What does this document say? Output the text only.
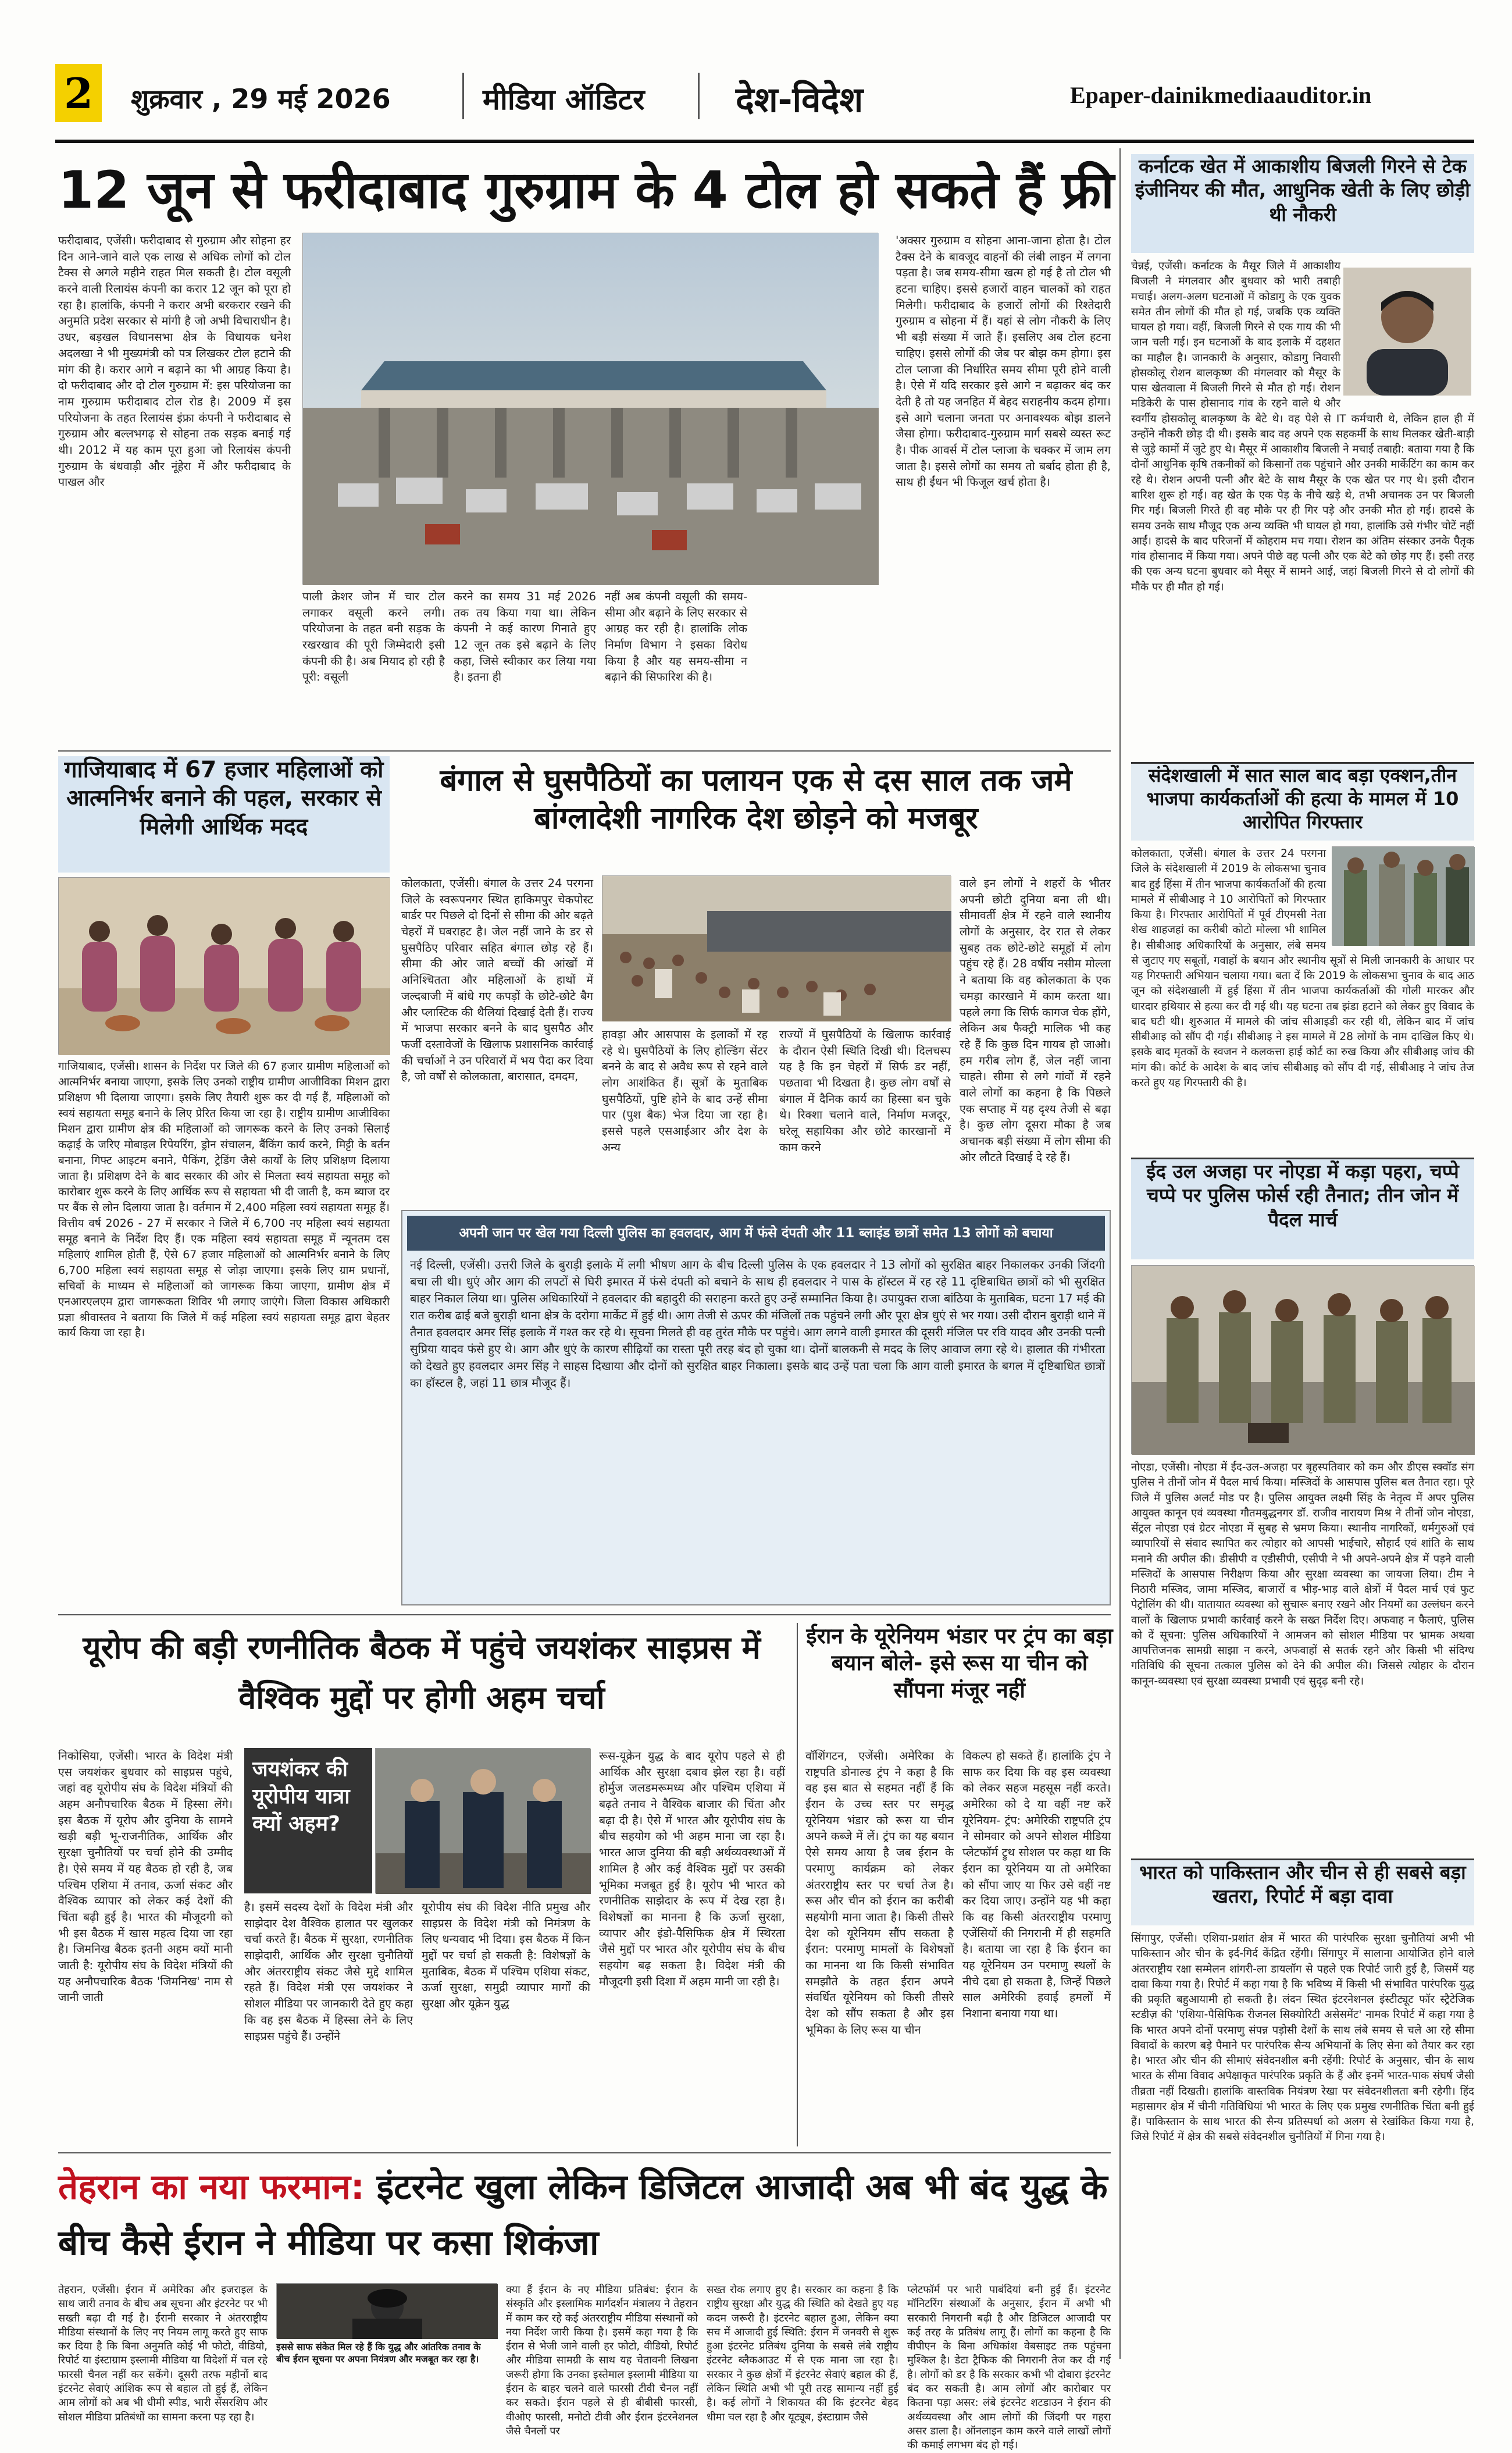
2	शुक्रवार , 29 मई 2026	मीडिया ऑडिटर	देश-विदेश	Epaper-dainikmediaauditor.in
12 जून से फरीदाबाद गुरुग्राम के 4 टोल हो सकते हैं फ्री
फरीदाबाद, एजेंसी। फरीदाबाद से गुरुग्राम और सोहना हर दिन आने-जाने वाले एक लाख से अधिक लोगों को टोल टैक्स से अगले महीने राहत मिल सकती है। टोल वसूली करने वाली रिलायंस कंपनी का करार 12 जून को पूरा हो रहा है। हालांकि, कंपनी ने करार अभी बरकरार रखने की अनुमति प्रदेश सरकार से मांगी है जो अभी विचाराधीन है। उधर, बड़खल विधानसभा क्षेत्र के विधायक धनेश अदलखा ने भी मुख्यमंत्री को पत्र लिखकर टोल हटाने की मांग की है। करार आगे न बढ़ाने का भी आग्रह किया है। दो फरीदाबाद और दो टोल गुरुग्राम में: इस परियोजना का नाम गुरुग्राम फरीदाबाद टोल रोड है। 2009 में इस परियोजना के तहत रिलायंस इंफ्रा कंपनी ने फरीदाबाद से गुरुग्राम और बल्लभगढ़ से सोहना तक सड़क बनाई गई थी। 2012 में यह काम पूरा हुआ जो रिलायंस कंपनी गुरुग्राम के बंधवाड़ी और नूंहेरा में और फरीदाबाद के पाखल और
पाली क्रेशर जोन में चार टोल लगाकर वसूली करने लगी। परियोजना के तहत बनी सड़क के रखरखाव की पूरी जिम्मेदारी इसी कंपनी की है। अब मियाद हो रही है पूरी: वसूली
करने का समय 31 मई 2026 तक तय किया गया था। लेकिन कंपनी ने कई कारण गिनाते हुए 12 जून तक इसे बढ़ाने के लिए कहा, जिसे स्वीकार कर लिया गया है। इतना ही
नहीं अब कंपनी वसूली की समय-सीमा और बढ़ाने के लिए सरकार से आग्रह कर रही है। हालांकि लोक निर्माण विभाग ने इसका विरोध किया है और यह समय-सीमा न बढ़ाने की सिफारिश की है।
'अक्सर गुरुग्राम व सोहना आना-जाना होता है। टोल टैक्स देने के बावजूद वाहनों की लंबी लाइन में लगना पड़ता है। जब समय-सीमा खत्म हो गई है तो टोल भी हटना चाहिए। इससे हजारों वाहन चालकों को राहत मिलेगी। फरीदाबाद के हजारों लोगों की रिश्तेदारी गुरुग्राम व सोहना में हैं। यहां से लोग नौकरी के लिए भी बड़ी संख्या में जाते हैं। इसलिए अब टोल हटना चाहिए। इससे लोगों की जेब पर बोझ कम होगा। इस टोल प्लाजा की निर्धारित समय सीमा पूरी होने वाली है। ऐसे में यदि सरकार इसे आगे न बढ़ाकर बंद कर देती है तो यह जनहित में बेहद सराहनीय कदम होगा। इसे आगे चलाना जनता पर अनावश्यक बोझ डालने जैसा होगा। फरीदाबाद-गुरुग्राम मार्ग सबसे व्यस्त रूट है। पीक आवर्स में टोल प्लाजा के चक्कर में जाम लग जाता है। इससे लोगों का समय तो बर्बाद होता ही है, साथ ही ईंधन भी फिजूल खर्च होता है।
कर्नाटक खेत में आकाशीय बिजली गिरने से टेक इंजीनियर की मौत, आधुनिक खेती के लिए छोड़ी थी नौकरी
चेन्नई, एजेंसी। कर्नाटक के मैसूर जिले में आकाशीय बिजली ने मंगलवार और बुधवार को भारी तबाही मचाई। अलग-अलग घटनाओं में कोडागु के एक युवक समेत तीन लोगों की मौत हो गई, जबकि एक व्यक्ति घायल हो गया। वहीं, बिजली गिरने से एक गाय की भी जान चली गई। इन घटनाओं के बाद इलाके में दहशत का माहौल है। जानकारी के अनुसार, कोडागु निवासी होसकोलू रोशन बालकृष्ण की मंगलवार को मैसूर के पास खेतवाला में बिजली गिरने से मौत हो गई। रोशन मडिकेरी के पास होसानाद गांव के रहने वाले थे और स्वर्गीय होसकोलू बालकृष्ण के बेटे थे। वह पेशे से IT कर्मचारी थे, लेकिन हाल ही में उन्होंने नौकरी छोड़ दी थी। इसके बाद वह अपने एक सहकर्मी के साथ मिलकर खेती-बाड़ी से जुड़े कामों में जुटे हुए थे। मैसूर में आकाशीय बिजली ने मचाई तबाही: बताया गया है कि दोनों आधुनिक कृषि तकनीकों को किसानों तक पहुंचाने और उनकी मार्केटिंग का काम कर रहे थे। रोशन अपनी पत्नी और बेटे के साथ मैसूर के एक खेत पर गए थे। इसी दौरान बारिश शुरू हो गई। वह खेत के एक पेड़ के नीचे खड़े थे, तभी अचानक उन पर बिजली गिर गई। बिजली गिरते ही वह मौके पर ही गिर पड़े और उनकी मौत हो गई। हादसे के समय उनके साथ मौजूद एक अन्य व्यक्ति भी घायल हो गया, हालांकि उसे गंभीर चोटें नहीं आईं। हादसे के बाद परिजनों में कोहराम मच गया। रोशन का अंतिम संस्कार उनके पैतृक गांव होसानाद में किया गया। अपने पीछे वह पत्नी और एक बेटे को छोड़ गए हैं। इसी तरह की एक अन्य घटना बुधवार को मैसूर में सामने आई, जहां बिजली गिरने से दो लोगों की मौके पर ही मौत हो गई।
संदेशखाली में सात साल बाद बड़ा एक्शन,तीन भाजपा कार्यकर्ताओं की हत्या के मामल में 10 आरोपित गिरफ्तार
कोलकाता, एजेंसी। बंगाल के उत्तर 24 परगना जिले के संदेशखाली में 2019 के लोकसभा चुनाव बाद हुई हिंसा में तीन भाजपा कार्यकर्ताओं की हत्या मामले में सीबीआइ ने 10 आरोपितों को गिरफ्तार किया है। गिरफ्तार आरोपितों में पूर्व टीएमसी नेता शेख शाहजहां का करीबी कोटो मोल्ला भी शामिल है। सीबीआइ अधिकारियों के अनुसार, लंबे समय से जुटाए गए सबूतों, गवाहों के बयान और स्थानीय सूत्रों से मिली जानकारी के आधार पर यह गिरफ्तारी अभियान चलाया गया। बता दें कि 2019 के लोकसभा चुनाव के बाद आठ जून को संदेशखाली में हुई हिंसा में तीन भाजपा कार्यकर्ताओं की गोली मारकर और धारदार हथियार से हत्या कर दी गई थी। यह घटना तब झंडा हटाने को लेकर हुए विवाद के बाद घटी थी। शुरुआत में मामले की जांच सीआइडी कर रही थी, लेकिन बाद में जांच सीबीआइ को सौंप दी गई। सीबीआइ ने इस मामले में 28 लोगों के नाम दाखिल किए थे। इसके बाद मृतकों के स्वजन ने कलकत्ता हाई कोर्ट का रुख किया और सीबीआइ जांच की मांग की। कोर्ट के आदेश के बाद जांच सीबीआइ को सौंप दी गई, सीबीआइ ने जांच तेज करते हुए यह गिरफ्तारी की है।
ईद उल अजहा पर नोएडा में कड़ा पहरा, चप्पे चप्पे पर पुलिस फोर्स रही तैनात; तीन जोन में पैदल मार्च
नोएडा, एजेंसी। नोएडा में ईद-उल-अजहा पर बृहस्पतिवार को कम और डीएस स्क्वॉड संग पुलिस ने तीनों जोन में पैदल मार्च किया। मस्जिदों के आसपास पुलिस बल तैनात रहा। पूरे जिले में पुलिस अलर्ट मोड पर है। पुलिस आयुक्त लक्ष्मी सिंह के नेतृत्व में अपर पुलिस आयुक्त कानून एवं व्यवस्था गौतमबुद्धनगर डॉ. राजीव नारायण मिश्र ने तीनों जोन नोएडा, सेंट्रल नोएडा एवं ग्रेटर नोएडा में सुबह से भ्रमण किया। स्थानीय नागरिकों, धर्मगुरुओं एवं व्यापारियों से संवाद स्थापित कर त्योहार को आपसी भाईचारे, सौहार्द एवं शांति के साथ मनाने की अपील की। डीसीपी व एडीसीपी, एसीपी ने भी अपने-अपने क्षेत्र में पड़ने वाली मस्जिदों के आसपास निरीक्षण किया और सुरक्षा व्यवस्था का जायजा लिया। टीम ने निठारी मस्जिद, जामा मस्जिद, बाजारों व भीड़-भाड़ वाले क्षेत्रों में पैदल मार्च एवं फुट पेट्रोलिंग की थी। यातायात व्यवस्था को सुचारू बनाए रखने और नियमों का उल्लंघन करने वालों के खिलाफ प्रभावी कार्रवाई करने के सख्त निर्देश दिए। अफवाह न फैलाएं, पुलिस को दें सूचना: पुलिस अधिकारियों ने आमजन को सोशल मीडिया पर भ्रामक अथवा आपत्तिजनक सामग्री साझा न करने, अफवाहों से सतर्क रहने और किसी भी संदिग्ध गतिविधि की सूचना तत्काल पुलिस को देने की अपील की। जिससे त्योहार के दौरान कानून-व्यवस्था एवं सुरक्षा व्यवस्था प्रभावी एवं सुदृढ़ बनी रहे।
भारत को पाकिस्तान और चीन से ही सबसे बड़ा खतरा, रिपोर्ट में बड़ा दावा
सिंगापुर, एजेंसी। एशिया-प्रशांत क्षेत्र में भारत की पारंपरिक सुरक्षा चुनौतियां अभी भी पाकिस्तान और चीन के इर्द-गिर्द केंद्रित रहेंगी। सिंगापुर में सालाना आयोजित होने वाले अंतरराष्ट्रीय रक्षा सम्मेलन शांगरी-ला डायलॉग से पहले एक रिपोर्ट जारी हुई है, जिसमें यह दावा किया गया है। रिपोर्ट में कहा गया है कि भविष्य में किसी भी संभावित पारंपरिक युद्ध की प्रकृति बहुआयामी हो सकती है। लंदन स्थित इंटरनेशनल इंस्टीट्यूट फॉर स्ट्रैटेजिक स्टडीज़ की 'एशिया-पैसिफिक रीजनल सिक्योरिटी असेसमेंट' नामक रिपोर्ट में कहा गया है कि भारत अपने दोनों परमाणु संपन्न पड़ोसी देशों के साथ लंबे समय से चले आ रहे सीमा विवादों के कारण बड़े पैमाने पर पारंपरिक सैन्य अभियानों के लिए सेना को तैयार कर रहा है। भारत और चीन की सीमाएं संवेदनशील बनी रहेंगी: रिपोर्ट के अनुसार, चीन के साथ भारत के सीमा विवाद अपेक्षाकृत पारंपरिक प्रकृति के हैं और इनमें भारत-पाक संघर्ष जैसी तीव्रता नहीं दिखती। हालांकि वास्तविक नियंत्रण रेखा पर संवेदनशीलता बनी रहेगी। हिंद महासागर क्षेत्र में चीनी गतिविधियां भी भारत के लिए एक प्रमुख रणनीतिक चिंता बनी हुई हैं। पाकिस्तान के साथ भारत की सैन्य प्रतिस्पर्धा को अलग से रेखांकित किया गया है, जिसे रिपोर्ट में क्षेत्र की सबसे संवेदनशील चुनौतियों में गिना गया है।
गाजियाबाद में 67 हजार महिलाओं को आत्मनिर्भर बनाने की पहल, सरकार से मिलेगी आर्थिक मदद
गाजियाबाद, एजेंसी। शासन के निर्देश पर जिले की 67 हजार ग्रामीण महिलाओं को आत्मनिर्भर बनाया जाएगा, इसके लिए उनको राष्ट्रीय ग्रामीण आजीविका मिशन द्वारा प्रशिक्षण भी दिलाया जाएगा। इसके लिए तैयारी शुरू कर दी गई हैं, महिलाओं को स्वयं सहायता समूह बनाने के लिए प्रेरित किया जा रहा है। राष्ट्रीय ग्रामीण आजीविका मिशन द्वारा ग्रामीण क्षेत्र की महिलाओं को जागरूक करने के लिए उनको सिलाई कढ़ाई के जरिए मोबाइल रिपेयरिंग, ड्रोन संचालन, बैंकिंग कार्य करने, मिट्टी के बर्तन बनाना, गिफ्ट आइटम बनाने, पैकिंग, ट्रेडिंग जैसे कार्यों के लिए प्रशिक्षण दिलाया जाता है। प्रशिक्षण देने के बाद सरकार की ओर से मिलता स्वयं सहायता समूह को कारोबार शुरू करने के लिए आर्थिक रूप से सहायता भी दी जाती है, कम ब्याज दर पर बैंक से लोन दिलाया जाता है। वर्तमान में 2,400 महिला स्वयं सहायता समूह हैं। वित्तीय वर्ष 2026 - 27 में सरकार ने जिले में 6,700 नए महिला स्वयं सहायता समूह बनाने के निर्देश दिए हैं। एक महिला स्वयं सहायता समूह में न्यूनतम दस महिलाएं शामिल होती हैं, ऐसे 67 हजार महिलाओं को आत्मनिर्भर बनाने के लिए 6,700 महिला स्वयं सहायता समूह से जोड़ा जाएगा। इसके लिए ग्राम प्रधानों, सचिवों के माध्यम से महिलाओं को जागरूक किया जाएगा, ग्रामीण क्षेत्र में एनआरएलएम द्वारा जागरूकता शिविर भी लगाए जाएंगे। जिला विकास अधिकारी प्रज्ञा श्रीवास्तव ने बताया कि जिले में कई महिला स्वयं सहायता समूह द्वारा बेहतर कार्य किया जा रहा है।
बंगाल से घुसपैठियों का पलायन एक से दस साल तक जमे बांग्लादेशी नागरिक देश छोड़ने को मजबूर
कोलकाता, एजेंसी। बंगाल के उत्तर 24 परगना जिले के स्वरूपनगर स्थित हाकिमपुर चेकपोस्ट बार्डर पर पिछले दो दिनों से सीमा की ओर बढ़ते चेहरों में घबराहट है। जेल नहीं जाने के डर से घुसपैठिए परिवार सहित बंगाल छोड़ रहे हैं। सीमा की ओर जाते बच्चों की आंखों में अनिश्चितता और महिलाओं के हाथों में जल्दबाजी में बांधे गए कपड़ों के छोटे-छोटे बैग और प्लास्टिक की थैलियां दिखाई देती हैं। राज्य में भाजपा सरकार बनने के बाद घुसपैठ और फर्जी दस्तावेजों के खिलाफ प्रशासनिक कार्रवाई की चर्चाओं ने उन परिवारों में भय पैदा कर दिया है, जो वर्षों से कोलकाता, बारासात, दमदम,
हावड़ा और आसपास के इलाकों में रह रहे थे। घुसपैठियों के लिए होल्डिंग सेंटर बनने के बाद से अवैध रूप से रहने वाले लोग आशंकित हैं। सूत्रों के मुताबिक घुसपैठियों, पुष्टि होने के बाद उन्हें सीमा पार (पुश बैक) भेज दिया जा रहा है। इससे पहले एसआईआर और देश के अन्य
राज्यों में घुसपैठियों के खिलाफ कार्रवाई के दौरान ऐसी स्थिति दिखी थी। दिलचस्प यह है कि इन चेहरों में सिर्फ डर नहीं, पछतावा भी दिखता है। कुछ लोग वर्षों से बंगाल में दैनिक कार्य का हिस्सा बन चुके थे। रिक्शा चलाने वाले, निर्माण मजदूर, घरेलू सहायिका और छोटे कारखानों में काम करने
वाले इन लोगों ने शहरों के भीतर अपनी छोटी दुनिया बना ली थी। सीमावर्ती क्षेत्र में रहने वाले स्थानीय लोगों के अनुसार, देर रात से लेकर सुबह तक छोटे-छोटे समूहों में लोग पहुंच रहे हैं। 28 वर्षीय नसीम मोल्ला ने बताया कि वह कोलकाता के एक चमड़ा कारखाने में काम करता था। पहले लगा कि सिर्फ कागज चेक होंगे, लेकिन अब फैक्ट्री मालिक भी कह रहे हैं कि कुछ दिन गायब हो जाओ। हम गरीब लोग हैं, जेल नहीं जाना चाहते। सीमा से लगे गांवों में रहने वाले लोगों का कहना है कि पिछले एक सप्ताह में यह दृश्य तेजी से बढ़ा है। कुछ लोग दूसरा मौका है जब अचानक बड़ी संख्या में लोग सीमा की ओर लौटते दिखाई दे रहे हैं।
अपनी जान पर खेल गया दिल्ली पुलिस का हवलदार, आग में फंसे दंपती और 11 ब्लाइंड छात्रों समेत 13 लोगों को बचाया
नई दिल्ली, एजेंसी। उत्तरी जिले के बुराड़ी इलाके में लगी भीषण आग के बीच दिल्ली पुलिस के एक हवलदार ने 13 लोगों को सुरक्षित बाहर निकालकर उनकी जिंदगी बचा ली थी। धुएं और आग की लपटों से घिरी इमारत में फंसे दंपती को बचाने के साथ ही हवलदार ने पास के हॉस्टल में रह रहे 11 दृष्टिबाधित छात्रों को भी सुरक्षित बाहर निकाल लिया था। पुलिस अधिकारियों ने हवलदार की बहादुरी की सराहना करते हुए उन्हें सम्मानित किया है। उपायुक्त राजा बांठिया के मुताबिक, घटना 17 मई की रात करीब ढाई बजे बुराड़ी थाना क्षेत्र के दरोगा मार्केट में हुई थी। आग तेजी से ऊपर की मंजिलों तक पहुंचने लगी और पूरा क्षेत्र धुएं से भर गया। उसी दौरान बुराड़ी थाने में तैनात हवलदार अमर सिंह इलाके में गश्त कर रहे थे। सूचना मिलते ही वह तुरंत मौके पर पहुंचे। आग लगने वाली इमारत की दूसरी मंजिल पर रवि यादव और उनकी पत्नी सुप्रिया यादव फंसे हुए थे। आग और धुएं के कारण सीढ़ियों का रास्ता पूरी तरह बंद हो चुका था। दोनों बालकनी से मदद के लिए आवाज लगा रहे थे। हालात की गंभीरता को देखते हुए हवलदार अमर सिंह ने साहस दिखाया और दोनों को सुरक्षित बाहर निकाला। इसके बाद उन्हें पता चला कि आग वाली इमारत के बगल में दृष्टिबाधित छात्रों का हॉस्टल है, जहां 11 छात्र मौजूद हैं।
यूरोप की बड़ी रणनीतिक बैठक में पहुंचे जयशंकर साइप्रस में वैश्विक मुद्दों पर होगी अहम चर्चा
निकोसिया, एजेंसी। भारत के विदेश मंत्री एस जयशंकर बुधवार को साइप्रस पहुंचे, जहां वह यूरोपीय संघ के विदेश मंत्रियों की अहम अनौपचारिक बैठक में हिस्सा लेंगे। इस बैठक में यूरोप और दुनिया के सामने खड़ी बड़ी भू-राजनीतिक, आर्थिक और सुरक्षा चुनौतियों पर चर्चा होने की उम्मीद है। ऐसे समय में यह बैठक हो रही है, जब पश्चिम एशिया में तनाव, ऊर्जा संकट और वैश्विक व्यापार को लेकर कई देशों की चिंता बढ़ी हुई है। भारत की मौजूदगी को भी इस बैठक में खास महत्व दिया जा रहा है। जिमनिख बैठक इतनी अहम क्यों मानी जाती है: यूरोपीय संघ के विदेश मंत्रियों की यह अनौपचारिक बैठक 'जिमनिख' नाम से जानी जाती
जयशंकर की यूरोपीय यात्रा क्यों अहम?
है। इसमें सदस्य देशों के विदेश मंत्री और साझेदार देश वैश्विक हालात पर खुलकर चर्चा करते हैं। बैठक में सुरक्षा, रणनीतिक साझेदारी, आर्थिक और सुरक्षा चुनौतियों और अंतरराष्ट्रीय संकट जैसे मुद्दे शामिल रहते हैं। विदेश मंत्री एस जयशंकर ने सोशल मीडिया पर जानकारी देते हुए कहा कि वह इस बैठक में हिस्सा लेने के लिए साइप्रस पहुंचे हैं। उन्होंने
यूरोपीय संघ की विदेश नीति प्रमुख और साइप्रस के विदेश मंत्री को निमंत्रण के लिए धन्यवाद भी दिया। इस बैठक में किन मुद्दों पर चर्चा हो सकती है: विशेषज्ञों के मुताबिक, बैठक में पश्चिम एशिया संकट, ऊर्जा सुरक्षा, समुद्री व्यापार मार्गों की सुरक्षा और यूक्रेन युद्ध
रूस-यूक्रेन युद्ध के बाद यूरोप पहले से ही आर्थिक और सुरक्षा दबाव झेल रहा है। वहीं होर्मुज जलडमरूमध्य और पश्चिम एशिया में बढ़ते तनाव ने वैश्विक बाजार की चिंता और बढ़ा दी है। ऐसे में भारत और यूरोपीय संघ के बीच सहयोग को भी अहम माना जा रहा है। भारत आज दुनिया की बड़ी अर्थव्यवस्थाओं में शामिल है और कई वैश्विक मुद्दों पर उसकी भूमिका मजबूत हुई है। यूरोप भी भारत को रणनीतिक साझेदार के रूप में देख रहा है। विशेषज्ञों का मानना है कि ऊर्जा सुरक्षा, व्यापार और इंडो-पैसिफिक क्षेत्र में स्थिरता जैसे मुद्दों पर भारत और यूरोपीय संघ के बीच सहयोग बढ़ सकता है। विदेश मंत्री की मौजूदगी इसी दिशा में अहम मानी जा रही है।
ईरान के यूरेनियम भंडार पर ट्रंप का बड़ा बयान बोले- इसे रूस या चीन को सौंपना मंजूर नहीं
वॉशिंगटन, एजेंसी। अमेरिका के राष्ट्रपति डोनाल्ड ट्रंप ने कहा है कि वह इस बात से सहमत नहीं हैं कि ईरान के उच्च स्तर पर समृद्ध यूरेनियम भंडार को रूस या चीन अपने कब्जे में लें। ट्रंप का यह बयान ऐसे समय आया है जब ईरान के परमाणु कार्यक्रम को लेकर अंतरराष्ट्रीय स्तर पर चर्चा तेज है। रूस और चीन को ईरान का करीबी सहयोगी माना जाता है। किसी तीसरे देश को यूरेनियम सौंप सकता है ईरान: परमाणु मामलों के विशेषज्ञों का मानना था कि किसी संभावित समझौते के तहत ईरान अपने संवर्धित यूरेनियम को किसी तीसरे देश को सौंप सकता है और इस भूमिका के लिए रूस या चीन
विकल्प हो सकते हैं। हालांकि ट्रंप ने साफ कर दिया कि वह इस व्यवस्था को लेकर सहज महसूस नहीं करते। अमेरिका को दे या वहीं नष्ट करें यूरेनियम- ट्रंप: अमेरिकी राष्ट्रपति ट्रंप ने सोमवार को अपने सोशल मीडिया प्लेटफॉर्म ट्रुथ सोशल पर कहा था कि ईरान का यूरेनियम या तो अमेरिका को सौंपा जाए या फिर उसे वहीं नष्ट कर दिया जाए। उन्होंने यह भी कहा कि वह किसी अंतरराष्ट्रीय परमाणु एजेंसियों की निगरानी में ही सहमति है। बताया जा रहा है कि ईरान का यह यूरेनियम उन परमाणु स्थलों के नीचे दबा हो सकता है, जिन्हें पिछले साल अमेरिकी हवाई हमलों में निशाना बनाया गया था।
तेहरान का नया फरमान: इंटरनेट खुला लेकिन डिजिटल आजादी अब भी बंद युद्ध के बीच कैसे ईरान ने मीडिया पर कसा शिकंजा
तेहरान, एजेंसी। ईरान में अमेरिका और इजराइल के साथ जारी तनाव के बीच अब सूचना और इंटरनेट पर भी सख्ती बढ़ा दी गई है। ईरानी सरकार ने अंतरराष्ट्रीय मीडिया संस्थानों के लिए नए नियम लागू करते हुए साफ कर दिया है कि बिना अनुमति कोई भी फोटो, वीडियो, रिपोर्ट या इंस्टाग्राम इस्लामी मीडिया या विदेशों में चल रहे फारसी चैनल नहीं कर सकेंगे। दूसरी तरफ महीनों बाद इंटरनेट सेवाएं आंशिक रूप से बहाल तो हुई हैं, लेकिन आम लोगों को अब भी धीमी स्पीड, भारी सेंसरशिप और सोशल मीडिया प्रतिबंधों का सामना करना पड़ रहा है।
इससे साफ संकेत मिल रहे हैं कि युद्ध और आंतरिक तनाव के बीच ईरान सूचना पर अपना नियंत्रण और मजबूत कर रहा है।
क्या हैं ईरान के नए मीडिया प्रतिबंध: ईरान के संस्कृति और इस्लामिक मार्गदर्शन मंत्रालय ने तेहरान में काम कर रहे कई अंतरराष्ट्रीय मीडिया संस्थानों को नया निर्देश जारी किया है। इसमें कहा गया है कि ईरान से भेजी जाने वाली हर फोटो, वीडियो, रिपोर्ट और मीडिया सामग्री के साथ यह चेतावनी लिखना जरूरी होगा कि उनका इस्तेमाल इस्लामी मीडिया या ईरान के बाहर चलने वाले फारसी टीवी चैनल नहीं कर सकते। ईरान पहले से ही बीबीसी फारसी, वीओए फारसी, मनोटो टीवी और ईरान इंटरनेशनल जैसे चैनलों पर
सख्त रोक लगाए हुए है। सरकार का कहना है कि राष्ट्रीय सुरक्षा और युद्ध की स्थिति को देखते हुए यह कदम जरूरी है। इंटरनेट बहाल हुआ, लेकिन क्या सच में आजादी हुई स्थिति: ईरान में जनवरी से शुरू हुआ इंटरनेट प्रतिबंध दुनिया के सबसे लंबे राष्ट्रीय इंटरनेट ब्लैकआउट में से एक माना जा रहा है। सरकार ने कुछ क्षेत्रों में इंटरनेट सेवाएं बहाल की हैं, लेकिन स्थिति अभी भी पूरी तरह सामान्य नहीं हुई है। कई लोगों ने शिकायत की कि इंटरनेट बेहद धीमा चल रहा है और यूट्यूब, इंस्टाग्राम जैसे
प्लेटफॉर्म पर भारी पाबंदियां बनी हुई हैं। इंटरनेट मॉनिटरिंग संस्थाओं के अनुसार, ईरान में अभी भी सरकारी निगरानी बढ़ी है और डिजिटल आजादी पर कई तरह के प्रतिबंध लागू हैं। लोगों का कहना है कि वीपीएन के बिना अधिकांश वेबसाइट तक पहुंचना मुश्किल है। डेटा ट्रैफिक की निगरानी तेज कर दी गई है। लोगों को डर है कि सरकार कभी भी दोबारा इंटरनेट बंद कर सकती है। आम लोगों और कारोबार पर कितना पड़ा असर: लंबे इंटरनेट शटडाउन ने ईरान की अर्थव्यवस्था और आम लोगों की जिंदगी पर गहरा असर डाला है। ऑनलाइन काम करने वाले लाखों लोगों की कमाई लगभग बंद हो गई।
